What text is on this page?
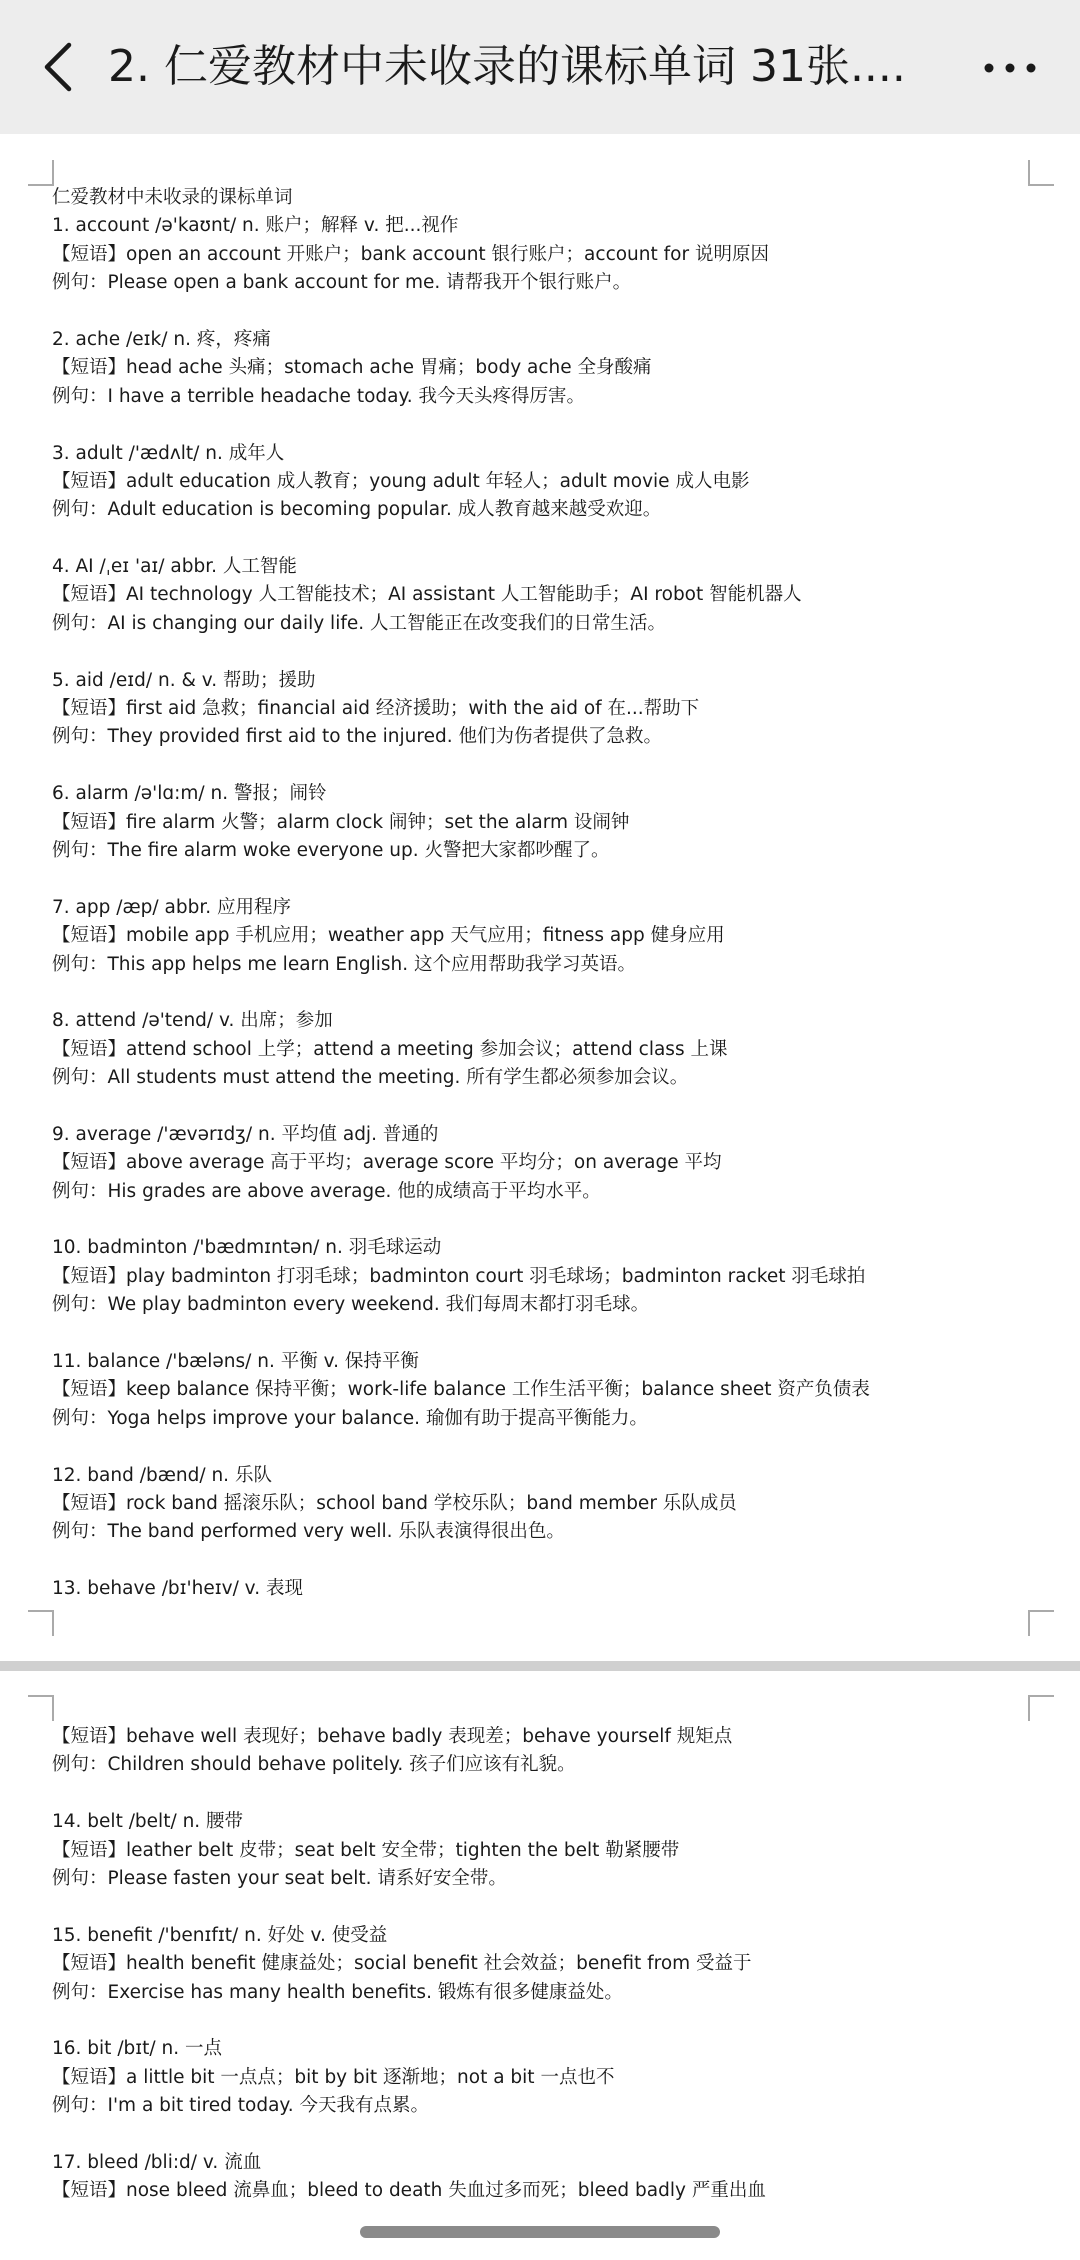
2. 仁爱教材中未收录的课标单词 31张....
仁爱教材中未收录的课标单词
1. account /ə'kaʊnt/ n. 账户；解释 v. 把...视作
【短语】open an account 开账户；bank account 银行账户；account for 说明原因
例句：Please open a bank account for me. 请帮我开个银行账户。
2. ache /eɪk/ n. 疼，疼痛
【短语】head ache 头痛；stomach ache 胃痛；body ache 全身酸痛
例句：I have a terrible headache today. 我今天头疼得厉害。
3. adult /'ædʌlt/ n. 成年人
【短语】adult education 成人教育；young adult 年轻人；adult movie 成人电影
例句：Adult education is becoming popular. 成人教育越来越受欢迎。
4. AI /ˌeɪ 'aɪ/ abbr. 人工智能
【短语】AI technology 人工智能技术；AI assistant 人工智能助手；AI robot 智能机器人
例句：AI is changing our daily life. 人工智能正在改变我们的日常生活。
5. aid /eɪd/ n. & v. 帮助；援助
【短语】first aid 急救；financial aid 经济援助；with the aid of 在...帮助下
例句：They provided first aid to the injured. 他们为伤者提供了急救。
6. alarm /ə'lɑ:m/ n. 警报；闹铃
【短语】fire alarm 火警；alarm clock 闹钟；set the alarm 设闹钟
例句：The fire alarm woke everyone up. 火警把大家都吵醒了。
7. app /æp/ abbr. 应用程序
【短语】mobile app 手机应用；weather app 天气应用；fitness app 健身应用
例句：This app helps me learn English. 这个应用帮助我学习英语。
8. attend /ə'tend/ v. 出席；参加
【短语】attend school 上学；attend a meeting 参加会议；attend class 上课
例句：All students must attend the meeting. 所有学生都必须参加会议。
9. average /'ævərɪdʒ/ n. 平均值 adj. 普通的
【短语】above average 高于平均；average score 平均分；on average 平均
例句：His grades are above average. 他的成绩高于平均水平。
10. badminton /'bædmɪntən/ n. 羽毛球运动
【短语】play badminton 打羽毛球；badminton court 羽毛球场；badminton racket 羽毛球拍
例句：We play badminton every weekend. 我们每周末都打羽毛球。
11. balance /'bæləns/ n. 平衡 v. 保持平衡
【短语】keep balance 保持平衡；work-life balance 工作生活平衡；balance sheet 资产负债表
例句：Yoga helps improve your balance. 瑜伽有助于提高平衡能力。
12. band /bænd/ n. 乐队
【短语】rock band 摇滚乐队；school band 学校乐队；band member 乐队成员
例句：The band performed very well. 乐队表演得很出色。
13. behave /bɪ'heɪv/ v. 表现
【短语】behave well 表现好；behave badly 表现差；behave yourself 规矩点
例句：Children should behave politely. 孩子们应该有礼貌。
14. belt /belt/ n. 腰带
【短语】leather belt 皮带；seat belt 安全带；tighten the belt 勒紧腰带
例句：Please fasten your seat belt. 请系好安全带。
15. benefit /'benɪfɪt/ n. 好处 v. 使受益
【短语】health benefit 健康益处；social benefit 社会效益；benefit from 受益于
例句：Exercise has many health benefits. 锻炼有很多健康益处。
16. bit /bɪt/ n. 一点
【短语】a little bit 一点点；bit by bit 逐渐地；not a bit 一点也不
例句：I'm a bit tired today. 今天我有点累。
17. bleed /bli:d/ v. 流血
【短语】nose bleed 流鼻血；bleed to death 失血过多而死；bleed badly 严重出血
